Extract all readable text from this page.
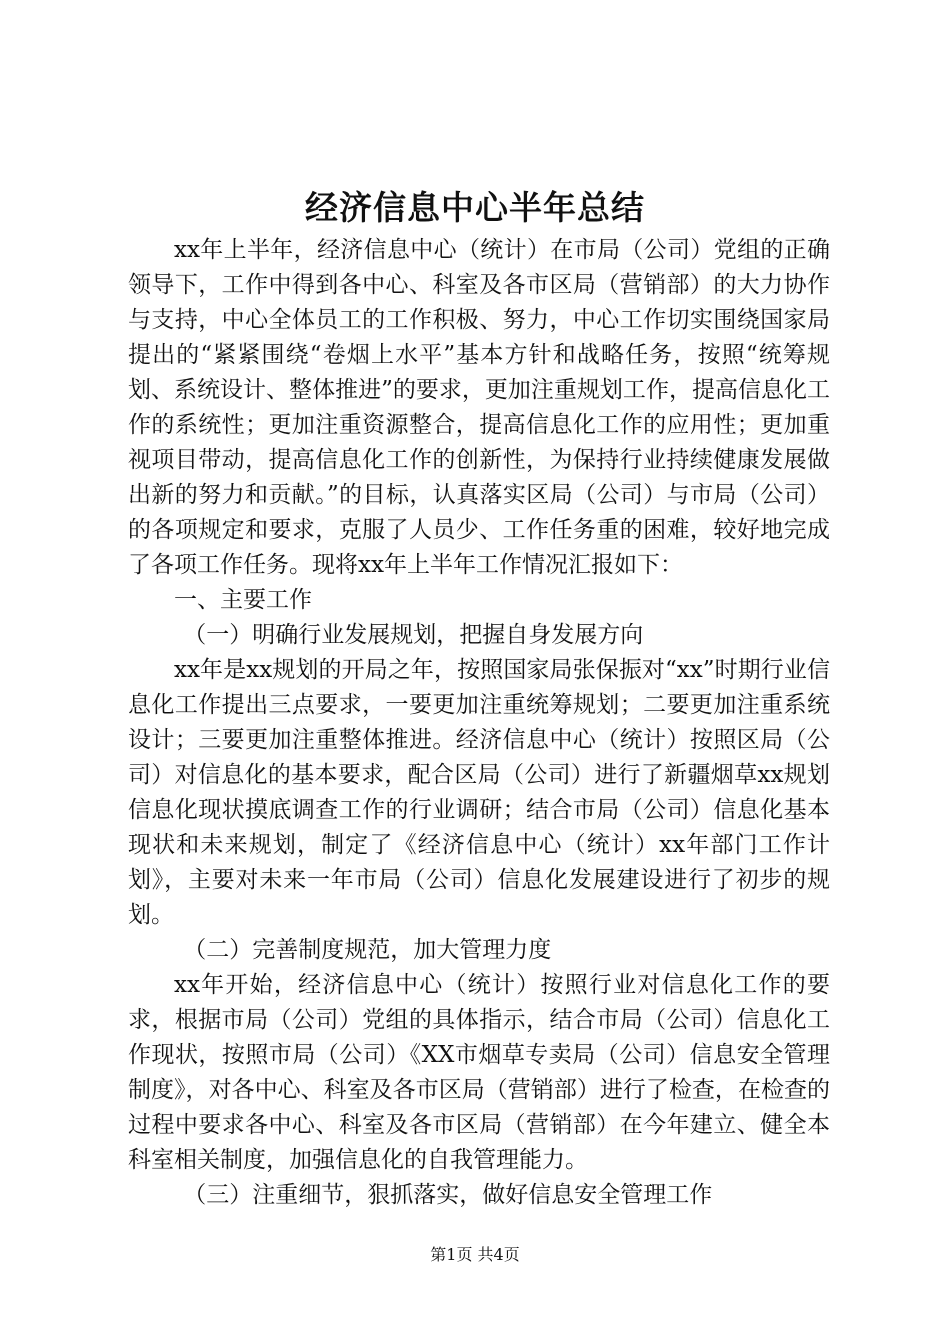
经济信息中心半年总结

xx年上半年，经济信息中心（统计）在市局（公司）党组的正确领导下，工作中得到各中心、科室及各市区局（营销部）的大力协作与支持，中心全体员工的工作积极、努力，中心工作切实围绕国家局提出的“紧紧围绕“卷烟上水平”基本方针和战略任务，按照“统筹规划、系统设计、整体推进”的要求，更加注重规划工作，提高信息化工作的系统性；更加注重资源整合，提高信息化工作的应用性；更加重视项目带动，提高信息化工作的创新性，为保持行业持续健康发展做出新的努力和贡献。”的目标，认真落实区局（公司）与市局（公司）的各项规定和要求，克服了人员少、工作任务重的困难，较好地完成了各项工作任务。现将xx年上半年工作情况汇报如下：

一、主要工作

（一）明确行业发展规划，把握自身发展方向

xx年是xx规划的开局之年，按照国家局张保振对“xx”时期行业信息化工作提出三点要求，一要更加注重统筹规划；二要更加注重系统设计；三要更加注重整体推进。经济信息中心（统计）按照区局（公司）对信息化的基本要求，配合区局（公司）进行了新疆烟草xx规划信息化现状摸底调查工作的行业调研；结合市局（公司）信息化基本现状和未来规划，制定了《经济信息中心（统计）xx年部门工作计划》，主要对未来一年市局（公司）信息化发展建设进行了初步的规划。

（二）完善制度规范，加大管理力度

xx年开始，经济信息中心（统计）按照行业对信息化工作的要求，根据市局（公司）党组的具体指示，结合市局（公司）信息化工作现状，按照市局（公司）《XX市烟草专卖局（公司）信息安全管理制度》，对各中心、科室及各市区局（营销部）进行了检查，在检查的过程中要求各中心、科室及各市区局（营销部）在今年建立、健全本科室相关制度，加强信息化的自我管理能力。

（三）注重细节，狠抓落实，做好信息安全管理工作

第1页 共4页
